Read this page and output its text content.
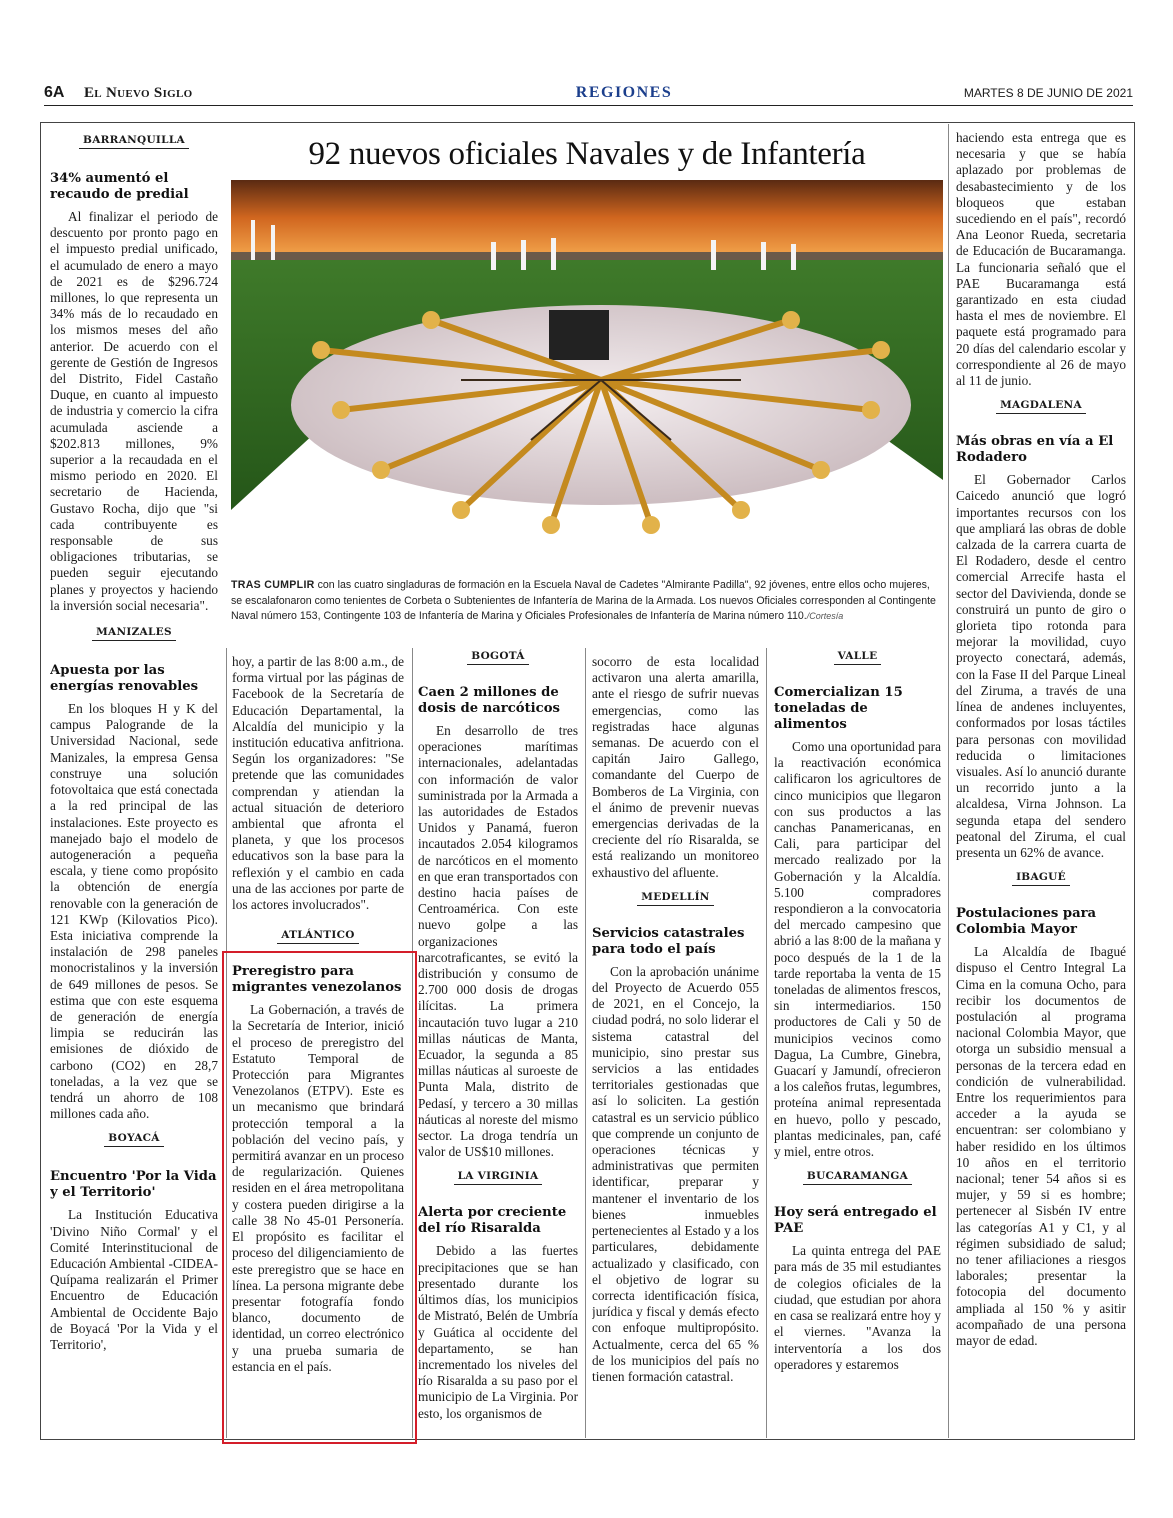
6A El Nuevo Siglo	REGIONES	MARTES 8 DE JUNIO DE 2021
BARRANQUILLA
34% aumentó el recaudo de predial

Al finalizar el periodo de descuento por pronto pago en el impuesto predial unificado, el acumulado de enero a mayo de 2021 es de $296.724 millones, lo que representa un 34% más de lo recaudado en los mismos meses del año anterior. De acuerdo con el gerente de Gestión de Ingresos del Distrito, Fidel Castaño Duque, en cuanto al impuesto de industria y comercio la cifra acumulada asciende a $202.813 millones, 9% superior a la recaudada en el mismo periodo en 2020. El secretario de Hacienda, Gustavo Rocha, dijo que "si cada contribuyente es responsable de sus obligaciones tributarias, se pueden seguir ejecutando planes y proyectos y haciendo la inversión social necesaria".

MANIZALES
Apuesta por las energías renovables

En los bloques H y K del campus Palogrande de la Universidad Nacional, sede Manizales, la empresa Gensa construye una solución fotovoltaica que está conectada a la red principal de las instalaciones. Este proyecto es manejado bajo el modelo de autogeneración a pequeña escala, y tiene como propósito la obtención de energía renovable con la generación de 121 KWp (Kilovatios Pico). Esta iniciativa comprende la instalación de 298 paneles monocristalinos y la inversión de 649 millones de pesos. Se estima que con este esquema de generación de energía limpia se reducirán las emisiones de dióxido de carbono (CO2) en 28,7 toneladas, a la vez que se tendrá un ahorro de 108 millones cada año.

BOYACÁ
Encuentro 'Por la Vida y el Territorio'

La Institución Educativa 'Divino Niño Cormal' y el Comité Interinstitucional de Educación Ambiental -CIDEA- Quípama realizarán el Primer Encuentro de Educación Ambiental de Occidente Bajo de Boyacá 'Por la Vida y el Territorio',

92 nuevos oficiales Navales y de Infantería
TRAS CUMPLIR con las cuatro singladuras de formación en la Escuela Naval de Cadetes "Almirante Padilla", 92 jóvenes, entre ellos ocho mujeres, se escalafonaron como tenientes de Corbeta o Subtenientes de Infantería de Marina de la Armada. Los nuevos Oficiales corresponden al Contingente Naval número 153, Contingente 103 de Infantería de Marina y Oficiales Profesionales de Infantería de Marina número 110./Cortesía
hoy, a partir de las 8:00 a.m., de forma virtual por las páginas de Facebook de la Secretaría de Educación Departamental, la Alcaldía del municipio y la institución educativa anfitriona. Según los organizadores: "Se pretende que las comunidades comprendan y atiendan la actual situación de deterioro ambiental que afronta el planeta, y que los procesos educativos son la base para la reflexión y el cambio en cada una de las acciones por parte de los actores involucrados".
ATLÁNTICO
Preregistro para migrantes venezolanos

La Gobernación, a través de la Secretaría de Interior, inició el proceso de preregistro del Estatuto Temporal de Protección para Migrantes Venezolanos (ETPV). Este es un mecanismo que brindará protección temporal a la población del vecino país, y permitirá avanzar en un proceso de regularización. Quienes residen en el área metropolitana y costera pueden dirigirse a la calle 38 No 45-01 Personería. El propósito es facilitar el proceso del diligenciamiento de este preregistro que se hace en línea. La persona migrante debe presentar fotografía fondo blanco, documento de identidad, un correo electrónico y una prueba sumaria de estancia en el país.

BOGOTÁ
Caen 2 millones de dosis de narcóticos

En desarrollo de tres operaciones marítimas internacionales, adelantadas con información de valor suministrada por la Armada a las autoridades de Estados Unidos y Panamá, fueron incautados 2.054 kilogramos de narcóticos en el momento en que eran transportados con destino hacia países de Centroamérica. Con este nuevo golpe a las organizaciones narcotraficantes, se evitó la distribución y consumo de 2.700 000 dosis de drogas ilícitas. La primera incautación tuvo lugar a 210 millas náuticas de Manta, Ecuador, la segunda a 85 millas náuticas al suroeste de Punta Mala, distrito de Pedasí, y tercero a 30 millas náuticas al noreste del mismo sector. La droga tendría un valor de US$10 millones.

LA VIRGINIA
Alerta por creciente del río Risaralda

Debido a las fuertes precipitaciones que se han presentado durante los últimos días, los municipios de Mistrató, Belén de Umbría y Guática al occidente del departamento, se han incrementado los niveles del río Risaralda a su paso por el municipio de La Virginia. Por esto, los organismos de

socorro de esta localidad activaron una alerta amarilla, ante el riesgo de sufrir nuevas emergencias, como las registradas hace algunas semanas. De acuerdo con el capitán Jairo Gallego, comandante del Cuerpo de Bomberos de La Virginia, con el ánimo de prevenir nuevas emergencias derivadas de la creciente del río Risaralda, se está realizando un monitoreo exhaustivo del afluente.
MEDELLÍN
Servicios catastrales para todo el país

Con la aprobación unánime del Proyecto de Acuerdo 055 de 2021, en el Concejo, la ciudad podrá, no solo liderar el sistema catastral del municipio, sino prestar sus servicios a las entidades territoriales gestionadas que así lo soliciten. La gestión catastral es un servicio público que comprende un conjunto de operaciones técnicas y administrativas que permiten identificar, preparar y mantener el inventario de los bienes inmuebles pertenecientes al Estado y a los particulares, debidamente actualizado y clasificado, con el objetivo de lograr su correcta identificación física, jurídica y fiscal y demás efecto con enfoque multipropósito. Actualmente, cerca del 65 % de los municipios del país no tienen formación catastral.

VALLE
Comercializan 15 toneladas de alimentos

Como una oportunidad para la reactivación económica calificaron los agricultores de cinco municipios que llegaron con sus productos a las canchas Panamericanas, en Cali, para participar del mercado realizado por la Gobernación y la Alcaldía. 5.100 compradores respondieron a la convocatoria del mercado campesino que abrió a las 8:00 de la mañana y poco después de la 1 de la tarde reportaba la venta de 15 toneladas de alimentos frescos, sin intermediarios. 150 productores de Cali y 50 de municipios vecinos como Dagua, La Cumbre, Ginebra, Guacarí y Jamundí, ofrecieron a los caleños frutas, legumbres, proteína animal representada en huevo, pollo y pescado, plantas medicinales, pan, café y miel, entre otros.

BUCARAMANGA
Hoy será entregado el PAE

La quinta entrega del PAE para más de 35 mil estudiantes de colegios oficiales de la ciudad, que estudian por ahora en casa se realizará entre hoy y el viernes. "Avanza la interventoría a los dos operadores y estaremos

haciendo esta entrega que es necesaria y que se había aplazado por problemas de desabastecimiento y de los bloqueos que estaban sucediendo en el país", recordó Ana Leonor Rueda, secretaria de Educación de Bucaramanga. La funcionaria señaló que el PAE Bucaramanga está garantizado en esta ciudad hasta el mes de noviembre. El paquete está programado para 20 días del calendario escolar y correspondiente al 26 de mayo al 11 de junio.
MAGDALENA
Más obras en vía a El Rodadero

El Gobernador Carlos Caicedo anunció que logró importantes recursos con los que ampliará las obras de doble calzada de la carrera cuarta de El Rodadero, desde el centro comercial Arrecife hasta el sector del Davivienda, donde se construirá un punto de giro o glorieta tipo rotonda para mejorar la movilidad, cuyo proyecto conectará, además, con la Fase II del Parque Lineal del Ziruma, a través de una línea de andenes incluyentes, conformados por losas táctiles para personas con movilidad reducida o limitaciones visuales. Así lo anunció durante un recorrido junto a la alcaldesa, Virna Johnson. La segunda etapa del sendero peatonal del Ziruma, el cual presenta un 62% de avance.

IBAGUÉ
Postulaciones para Colombia Mayor

La Alcaldía de Ibagué dispuso el Centro Integral La Cima en la comuna Ocho, para recibir los documentos de postulación al programa nacional Colombia Mayor, que otorga un subsidio mensual a personas de la tercera edad en condición de vulnerabilidad. Entre los requerimientos para acceder a la ayuda se encuentran: ser colombiano y haber residido en los últimos 10 años en el territorio nacional; tener 54 años si es mujer, y 59 si es hombre; pertenecer al Sisbén IV entre las categorías A1 y C1, y al régimen subsidiado de salud; no tener afiliaciones a riesgos laborales; presentar la fotocopia del documento ampliada al 150 % y asitir acompañado de una persona mayor de edad.
